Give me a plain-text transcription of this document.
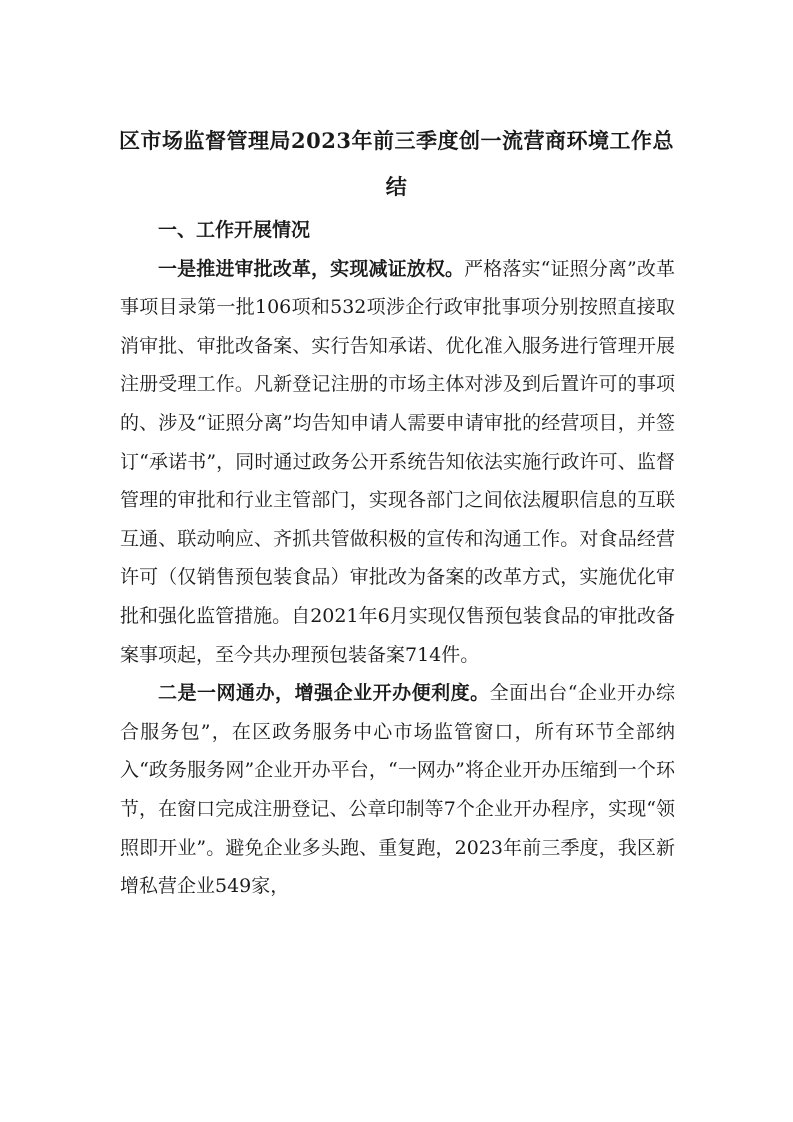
区市场监督管理局2023年前三季度创一流营商环境工作总结
一、工作开展情况

一是推进审批改革，实现减证放权。严格落实“证照分离”改革事项目录第一批106项和532项涉企行政审批事项分别按照直接取消审批、审批改备案、实行告知承诺、优化准入服务进行管理开展注册受理工作。凡新登记注册的市场主体对涉及到后置许可的事项的、涉及“证照分离”均告知申请人需要申请审批的经营项目，并签订“承诺书”，同时通过政务公开系统告知依法实施行政许可、监督管理的审批和行业主管部门，实现各部门之间依法履职信息的互联互通、联动响应、齐抓共管做积极的宣传和沟通工作。对食品经营许可（仅销售预包装食品）审批改为备案的改革方式，实施优化审批和强化监管措施。自2021年6月实现仅售预包装食品的审批改备案事项起，至今共办理预包装备案714件。

二是一网通办，增强企业开办便利度。全面出台“企业开办综合服务包”，在区政务服务中心市场监管窗口，所有环节全部纳入“政务服务网”企业开办平台，“一网办”将企业开办压缩到一个环节，在窗口完成注册登记、公章印制等7个企业开办程序，实现“领照即开业”。避免企业多头跑、重复跑，2023年前三季度，我区新增私营企业549家，
